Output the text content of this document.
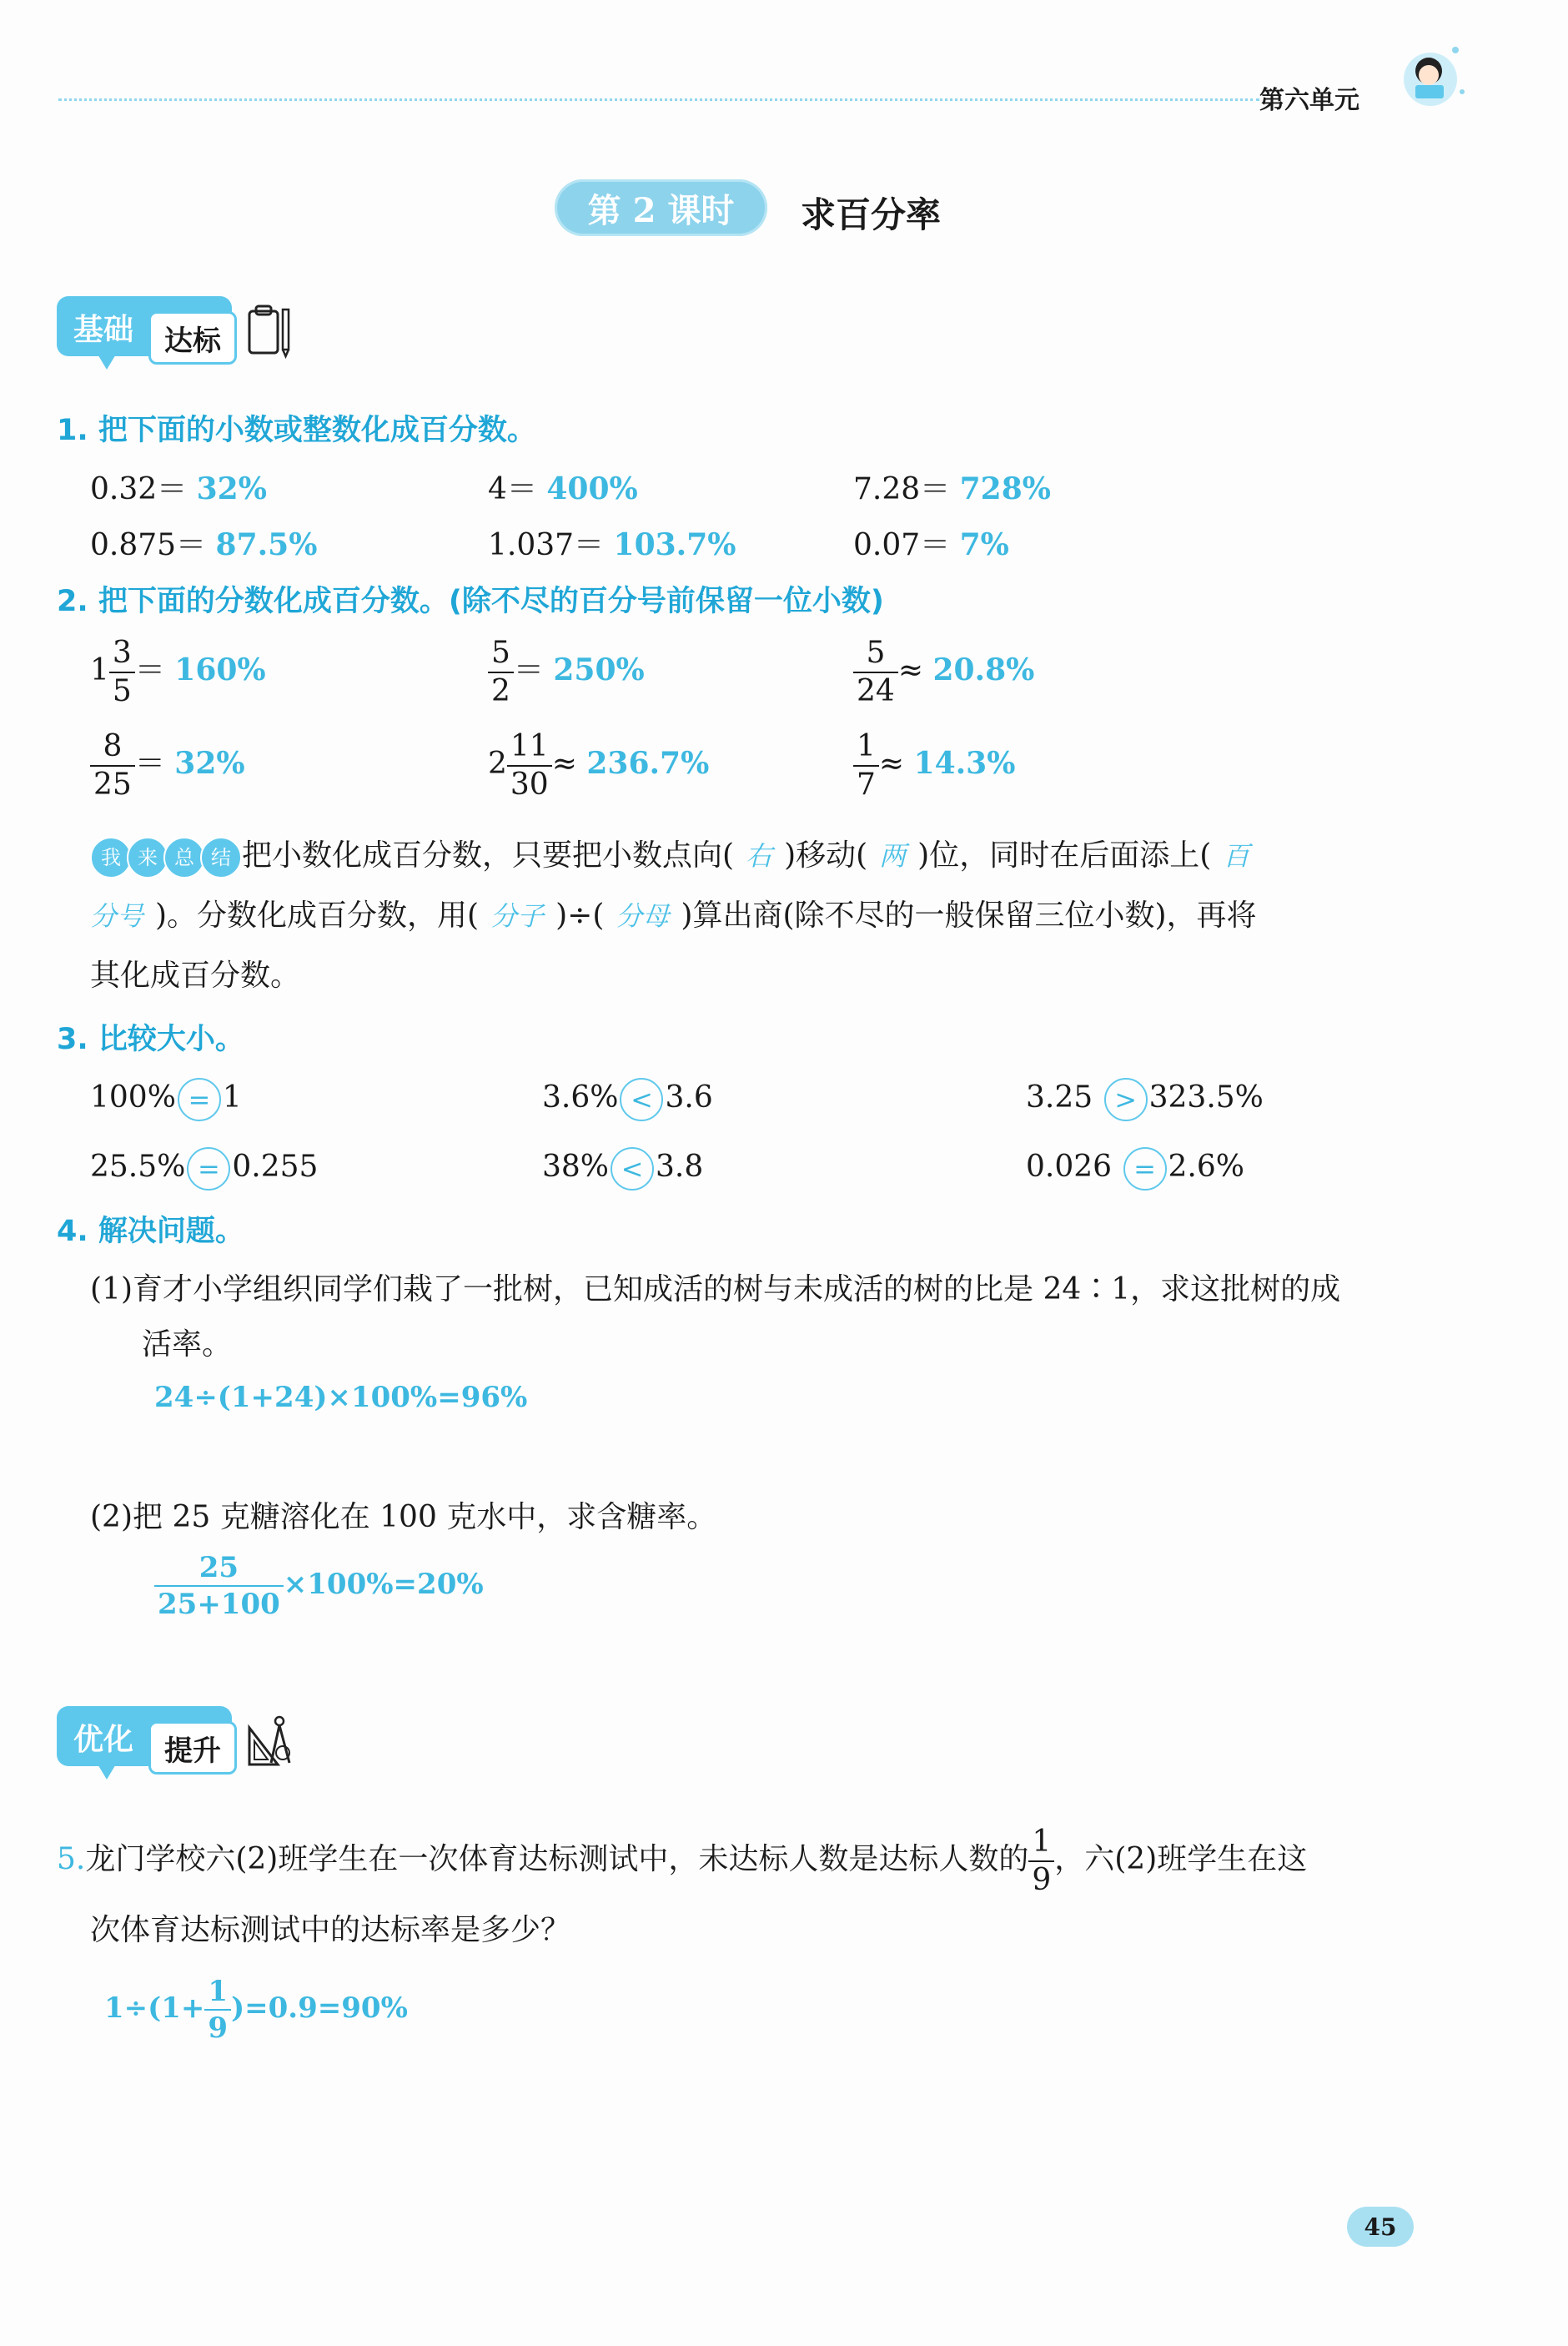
第六单元
第 2 课时	求百分率
基础	达标
1. 把下面的小数或整数化成百分数。
0.32＝ 32%	4＝ 400%	7.28＝ 728%
0.875＝ 87.5%	1.037＝ 103.7%	0.07＝ 7%
2. 把下面的分数化成百分数。(除不尽的百分号前保留一位小数)
$1 \frac{3}{5} = 160\%$	$\frac{5}{2} = 250\%$	$\frac{5}{24} \approx 20.8\%$
$\frac{8}{25} = 32\%$	$2 \frac{11}{30} \approx 236.7\%$	$\frac{1}{7} \approx 14.3\%$
我 来 总 结 把小数化成百分数，只要把小数点向( 右 )移动( 两 )位，同时在后面添上( 百
分号 )。分数化成百分数，用( 分子 )÷( 分母 )算出商(除不尽的一般保留三位小数)，再将
其化成百分数。
3. 比较大小。
100% = 1	3.6% < 3.6	3.25 > 323.5%
25.5% = 0.255	38% < 3.8	0.026 = 2.6%
4. 解决问题。
(1)育才小学组织同学们栽了一批树，已知成活的树与未成活的树的比是 24∶1，求这批树的成
活率。
24÷(1+24)×100%=96%
(2)把 25 克糖溶化在 100 克水中，求含糖率。
$\frac{25}{25+100} \times 100\%=20\%$
优化	提升
5.龙门学校六(2)班学生在一次体育达标测试中，未达标人数是达标人数的 $\frac{1}{9}$ ，六(2)班学生在这
次体育达标测试中的达标率是多少？
$1\div(1+ \frac{1}{9} )=0.9=90\%$
45
